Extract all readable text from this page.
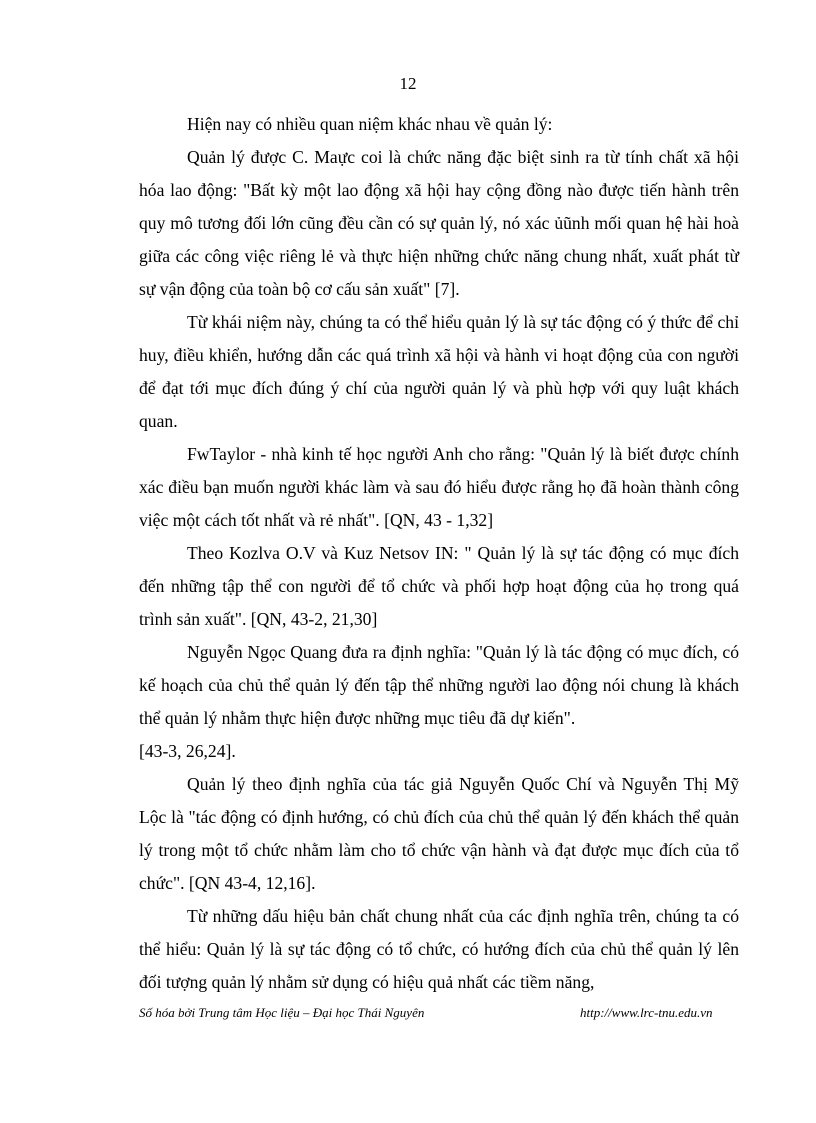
12

Hiện nay có nhiều quan niệm khác nhau về quản lý:

Quản lý được C. Maực coi là chức năng đặc biệt sinh ra từ tính chất xã hội hóa lao động: "Bất kỳ một lao động xã hội hay cộng đồng nào được tiến hành trên quy mô tương đối lớn cũng đều cần có sự quản lý, nó xác ủũnh mối quan hệ hài hoà giữa các công việc riêng lẻ và thực hiện những chức năng chung nhất, xuất phát từ sự vận động của toàn bộ cơ cấu sản xuất" [7].

Từ khái niệm này, chúng ta có thể hiểu quản lý là sự tác động có ý thức để chỉ huy, điều khiển, hướng dẫn các quá trình xã hội và hành vi hoạt động của con người để đạt tới mục đích đúng ý chí của người quản lý và phù hợp với quy luật khách quan.

FwTaylor - nhà kinh tế học người Anh cho rằng: "Quản lý là biết được chính xác điều bạn muốn người khác làm và sau đó hiểu được rằng họ đã hoàn thành công việc một cách tốt nhất và rẻ nhất". [QN, 43 - 1,32]

Theo Kozlva O.V và Kuz Netsov IN: " Quản lý là sự tác động có mục đích đến những tập thể con người để tổ chức và phối hợp hoạt động của họ trong quá trình sản xuất". [QN, 43-2, 21,30]

Nguyễn Ngọc Quang đưa ra định nghĩa: "Quản lý là tác động có mục đích, có kế hoạch của chủ thể quản lý đến tập thể những người lao động nói chung là khách thể quản lý nhằm thực hiện được những mục tiêu đã dự kiến".

[43-3, 26,24].

Quản lý theo định nghĩa của tác giả Nguyễn Quốc Chí và Nguyễn Thị Mỹ Lộc là "tác động có định hướng, có chủ đích của chủ thể quản lý đến khách thể quản lý trong một tổ chức nhằm làm cho tổ chức vận hành và đạt được mục đích của tổ chức". [QN 43-4, 12,16].

Từ những dấu hiệu bản chất chung nhất của các định nghĩa trên, chúng ta có thể hiểu: Quản lý là sự tác động có tổ chức, có hướng đích của chủ thể quản lý lên đối tượng quản lý nhằm sử dụng có hiệu quả nhất các tiềm năng,

Số hóa bởi Trung tâm Học liệu – Đại học Thái Nguyên	http://www.lrc-tnu.edu.vn
